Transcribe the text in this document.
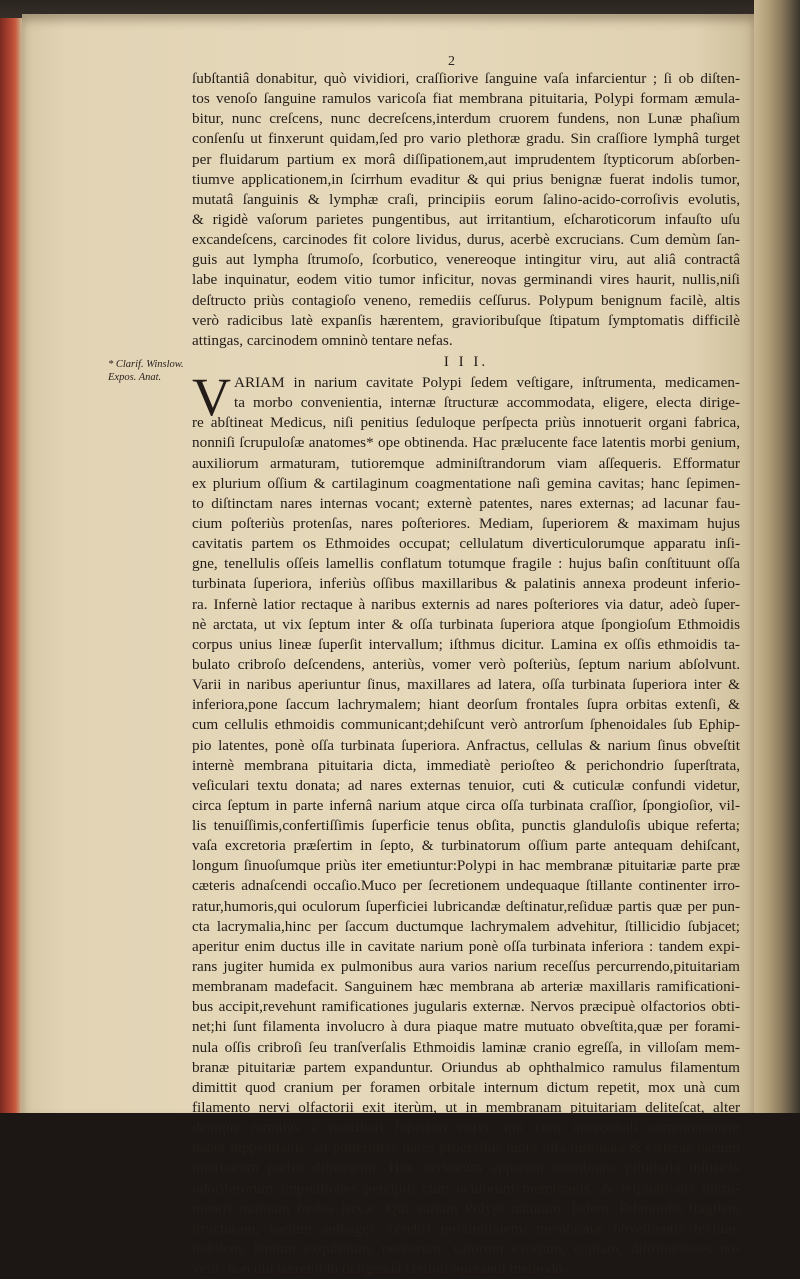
2
* Clarif. Winslow.
Expos. Anat.
ſubſtantiâ donabitur, quò vividiori, craſſiorive ſanguine vaſa infarcientur ; ſi ob diſten-
tos venoſo ſanguine ramulos varicoſa fiat membrana pituitaria, Polypi formam æmula-
bitur, nunc creſcens, nunc decreſcens,interdum cruorem fundens, non Lunæ phaſium
conſenſu ut finxerunt quidam,ſed pro vario plethoræ gradu. Sin craſſiore lymphâ turget
per fluidarum partium ex morâ diſſipationem,aut imprudentem ſtypticorum abſorben-
tiumve applicationem,in ſcirrhum evaditur & qui prius benignæ fuerat indolis tumor,
mutatâ ſanguinis & lymphæ craſi, principiis eorum ſalino-acido-corroſivis evolutis,
& rigidè vaſorum parietes pungentibus, aut irritantium, eſcharoticorum infauſto uſu
excandeſcens, carcinodes fit colore lividus, durus, acerbè excrucians. Cum demùm ſan-
guis aut lympha ſtrumoſo, ſcorbutico, venereoque intingitur viru, aut aliâ contractâ
labe inquinatur, eodem vitio tumor inficitur, novas germinandi vires haurit, nullis,niſi
deſtructo priùs contagioſo veneno, remediis ceſſurus. Polypum benignum facilè, altis
verò radicibus latè expanſis hærentem, gravioribuſque ſtipatum ſymptomatis difficilè
attingas, carcinodem omninò tentare nefas.
I I I.
V ARIAM in narium cavitate Polypi ſedem veſtigare, inſtrumenta, medicamen-
ta morbo convenientia, internæ ſtructuræ accommodata, eligere, electa dirige-
re abſtineat Medicus, niſi penitius ſeduloque perſpecta priùs innotuerit organi fabrica,
nonniſi ſcrupuloſæ anatomes* ope obtinenda. Hac prælucente face latentis morbi genium,
auxiliorum armaturam, tutioremque adminiſtrandorum viam aſſequeris. Efformatur
ex plurium oſſium & cartilaginum coagmentatione naſi gemina cavitas; hanc ſepimen-
to diſtinctam nares internas vocant; externè patentes, nares externas; ad lacunar fau-
cium poſteriùs protenſas, nares poſteriores. Mediam, ſuperiorem & maximam hujus
cavitatis partem os Ethmoides occupat; cellulatum diverticulorumque apparatu inſi-
gne, tenellulis oſſeis lamellis conflatum totumque fragile : hujus baſin conſtituunt oſſa
turbinata ſuperiora, inferiùs oſſibus maxillaribus & palatinis annexa prodeunt inferio-
ra. Infernè latior rectaque à naribus externis ad nares poſteriores via datur, adeò ſuper-
nè arctata, ut vix ſeptum inter & oſſa turbinata ſuperiora atque ſpongioſum Ethmoidis
corpus unius lineæ ſuperſit intervallum; iſthmus dicitur. Lamina ex oſſis ethmoidis ta-
bulato cribroſo deſcendens, anteriùs, vomer verò poſteriùs, ſeptum narium abſolvunt.
Varii in naribus aperiuntur ſinus, maxillares ad latera, oſſa turbinata ſuperiora inter &
inferiora,pone ſaccum lachrymalem; hiant deorſum frontales ſupra orbitas extenſi, &
cum cellulis ethmoidis communicant;dehiſcunt verò antrorſum ſphenoidales ſub Ephip-
pio latentes, ponè oſſa turbinata ſuperiora. Anfractus, cellulas & narium ſinus obveſtit
internè membrana pituitaria dicta, immediatè perioſteo & perichondrio ſuperſtrata,
veſiculari textu donata; ad nares externas tenuior, cuti & cuticulæ confundi videtur,
circa ſeptum in parte infernâ narium atque circa oſſa turbinata craſſior, ſpongioſior, vil-
lis tenuiſſimis,confertiſſimis ſuperficie tenus obſita, punctis glanduloſis ubique referta;
vaſa excretoria præſertim in ſepto, & turbinatorum oſſium parte antequam dehiſcant,
longum ſinuoſumque priùs iter emetiuntur:Polypi in hac membranæ pituitariæ parte præ
cæteris adnaſcendi occaſio.Muco per ſecretionem undequaque ſtillante continenter irro-
ratur,humoris,qui oculorum ſuperficiei lubricandæ deſtinatur,reſiduæ partis quæ per pun-
cta lacrymalia,hinc per ſaccum ductumque lachrymalem advehitur, ſtillicidio ſubjacet;
aperitur enim ductus ille in cavitate narium ponè oſſa turbinata inferiora : tandem expi-
rans jugiter humida ex pulmonibus aura varios narium receſſus percurrendo,pituitariam
membranam madefacit. Sanguinem hæc membrana ab arteriæ maxillaris ramificationi-
bus accipit,revehunt ramificationes jugularis externæ. Nervos præcipuè olfactorios obti-
net;hi ſunt filamenta involucro à dura piaque matre mutuato obveſtita,quæ per forami-
nula oſſis cribroſi ſeu tranſverſalis Ethmoidis laminæ cranio egreſſa, in villoſam mem-
branæ pituitariæ partem expanduntur. Oriundus ab ophthalmico ramulus filamentum
dimittit quod cranium per foramen orbitale internum dictum repetit, mox unà cum
filamento nervi olfactorii exit iterùm, ut in membranam pituitariam deliteſcat, alter
denique ramulus à maxillari ſuperiori nervo qui cum intercoſtali communionem
habet ſuppeditatus, ad poſteriores nares progreſſus ſupra oſſa turbinata & cæteras narium
internarum partes diſpergitur. Hoc nervorum apparatu membrana pituitaria inſtructa
odoriferorum impreſſiones percipit, cum oculorum membranis, & reſpirationis inſtru-
mentis mutuum fœdus ſervat. Qui variam Polypi naturam, ſedem, Ethmoidis fragilem
ſtructuram, narium ambages, cerebri proximitatem, membranæ obveſtientis textum,
indolem, ſenſum exquiſitum, nervorum, vaſorum exortum, copiam, diſtributiones no-
verit, non diu hærebit in deligendâ certiori operandi methodo.
